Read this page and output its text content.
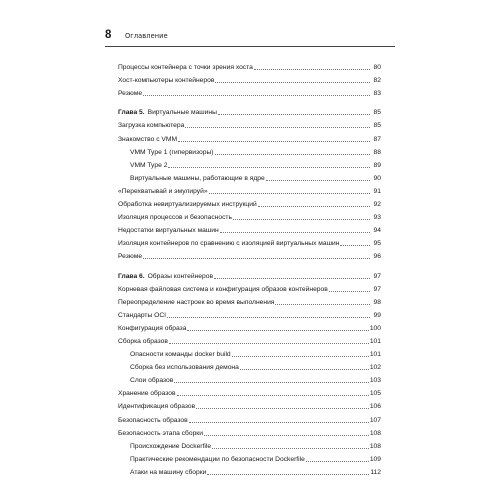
8 Оглавление
Процессы контейнера с точки зрения хоста	80
Хост-компьютеры контейнеров	82
Резюме	83
Глава 5. Виртуальные машины	85
Загрузка компьютера	85
Знакомство с VMM	87
VMM Type 1 (гипервизоры)	88
VMM Type 2	89
Виртуальные машины, работающие в ядре	90
«Перехватывай и эмулируй»	91
Обработка невиртуализируемых инструкций	92
Изоляция процессов и безопасность	93
Недостатки виртуальных машин	94
Изоляция контейнеров по сравнению с изоляцией виртуальных машин	95
Резюме	96
Глава 6. Образы контейнеров	97
Корневая файловая система и конфигурация образов контейнеров	97
Переопределение настроек во время выполнения	98
Стандарты OCI	99
Конфигурация образа	100
Сборка образов	101
Опасности команды docker build	101
Сборка без использования демона	102
Слои образов	103
Хранение образов	105
Идентификация образов	106
Безопасность образов	107
Безопасность этапа сборки	108
Происхождение Dockerfile	108
Практические рекомендации по безопасности Dockerfile	109
Атаки на машину сборки	112
